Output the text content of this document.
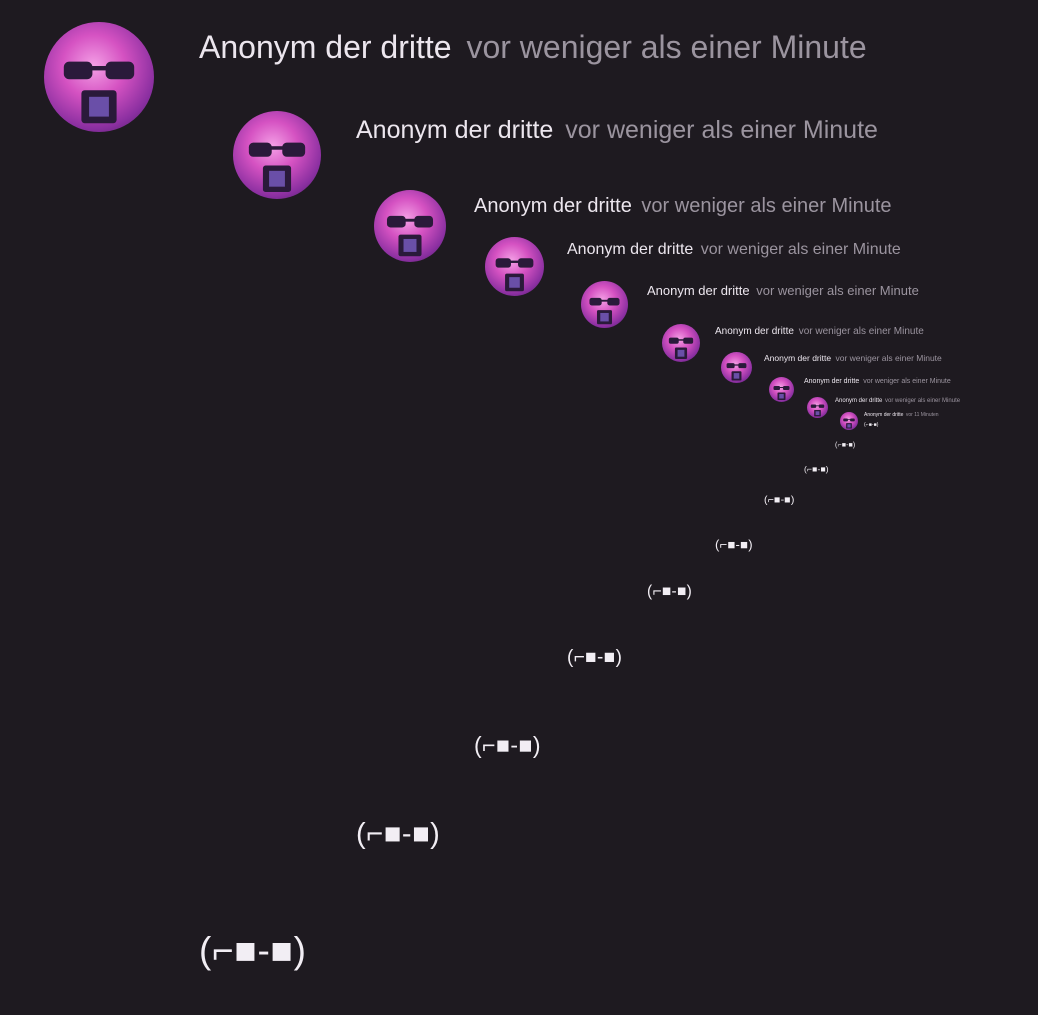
Anonym der dritte vor weniger als einer Minute
Anonym der dritte vor weniger als einer Minute
Anonym der dritte vor weniger als einer Minute
Anonym der dritte vor weniger als einer Minute
Anonym der dritte vor weniger als einer Minute
Anonym der dritte vor weniger als einer Minute
Anonym der dritte vor weniger als einer Minute
Anonym der dritte vor weniger als einer Minute
Anonym der dritte vor weniger als einer Minute
Anonym der dritte vor 11 Minuten
(⌐■-■)
(⌐■-■)
(⌐■-■)
(⌐■-■)
(⌐■-■)
(⌐■-■)
(⌐■-■)
(⌐■-■)
(⌐■-■)
(⌐■-■)
